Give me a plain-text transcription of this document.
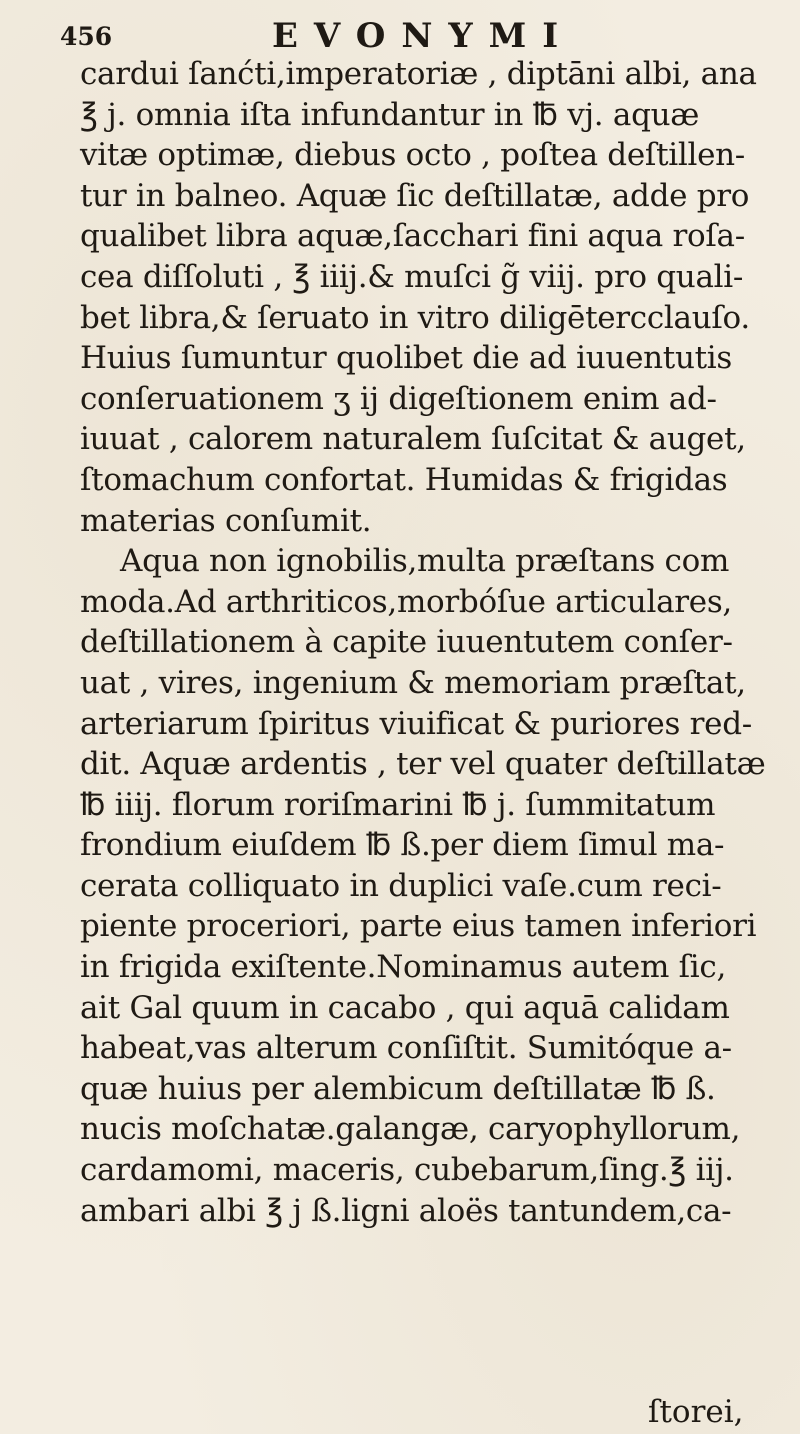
456	EVONYMI
cardui ſanćti,imperatoriæ , diptāni albi, ana
℥ j. omnia iſta infundantur in ℔ vj. aquæ
vitæ optimæ, diebus octo , poſtea deſtillen-
tur in balneo. Aquæ ſic deſtillatæ, adde pro
qualibet libra aquæ,ſacchari fini aqua roſa-
cea diſſoluti , ℥ iiij.& muſci g̃ viij. pro quali-
bet libra,& ſeruato in vitro diligētercclauſo.
Huius ſumuntur quolibet die ad iuuentutis
conſeruationem ʒ ij digeſtionem enim ad-
iuuat , calorem naturalem ſuſcitat & auget,
ſtomachum confortat. Humidas & frigidas
materias conſumit.
Aqua non ignobilis,multa præſtans com
moda.Ad arthriticos,morbóſue articulares,
deſtillationem à capite iuuentutem conſer-
uat , vires, ingenium & memoriam præſtat,
arteriarum ſpiritus viuificat & puriores red-
dit. Aquæ ardentis , ter vel quater deſtillatæ
℔ iiij. florum roriſmarini ℔ j. ſummitatum
frondium eiuſdem ℔ ß.per diem ſimul ma-
cerata colliquato in duplici vaſe.cum reci-
piente proceriori, parte eius tamen inferiori
in frigida exiſtente.Nominamus autem ſic,
ait Gal quum in cacabo , qui aquā calidam
habeat,vas alterum conſiſtit. Sumitóque a-
quæ huius per alembicum deſtillatæ ℔ ß.
nucis moſchatæ.galangæ, caryophyllorum,
cardamomi, maceris, cubebarum,ſing.℥ iij.
ambari albi ℥ j ß.ligni aloës tantundem,ca-
ſtorei,
